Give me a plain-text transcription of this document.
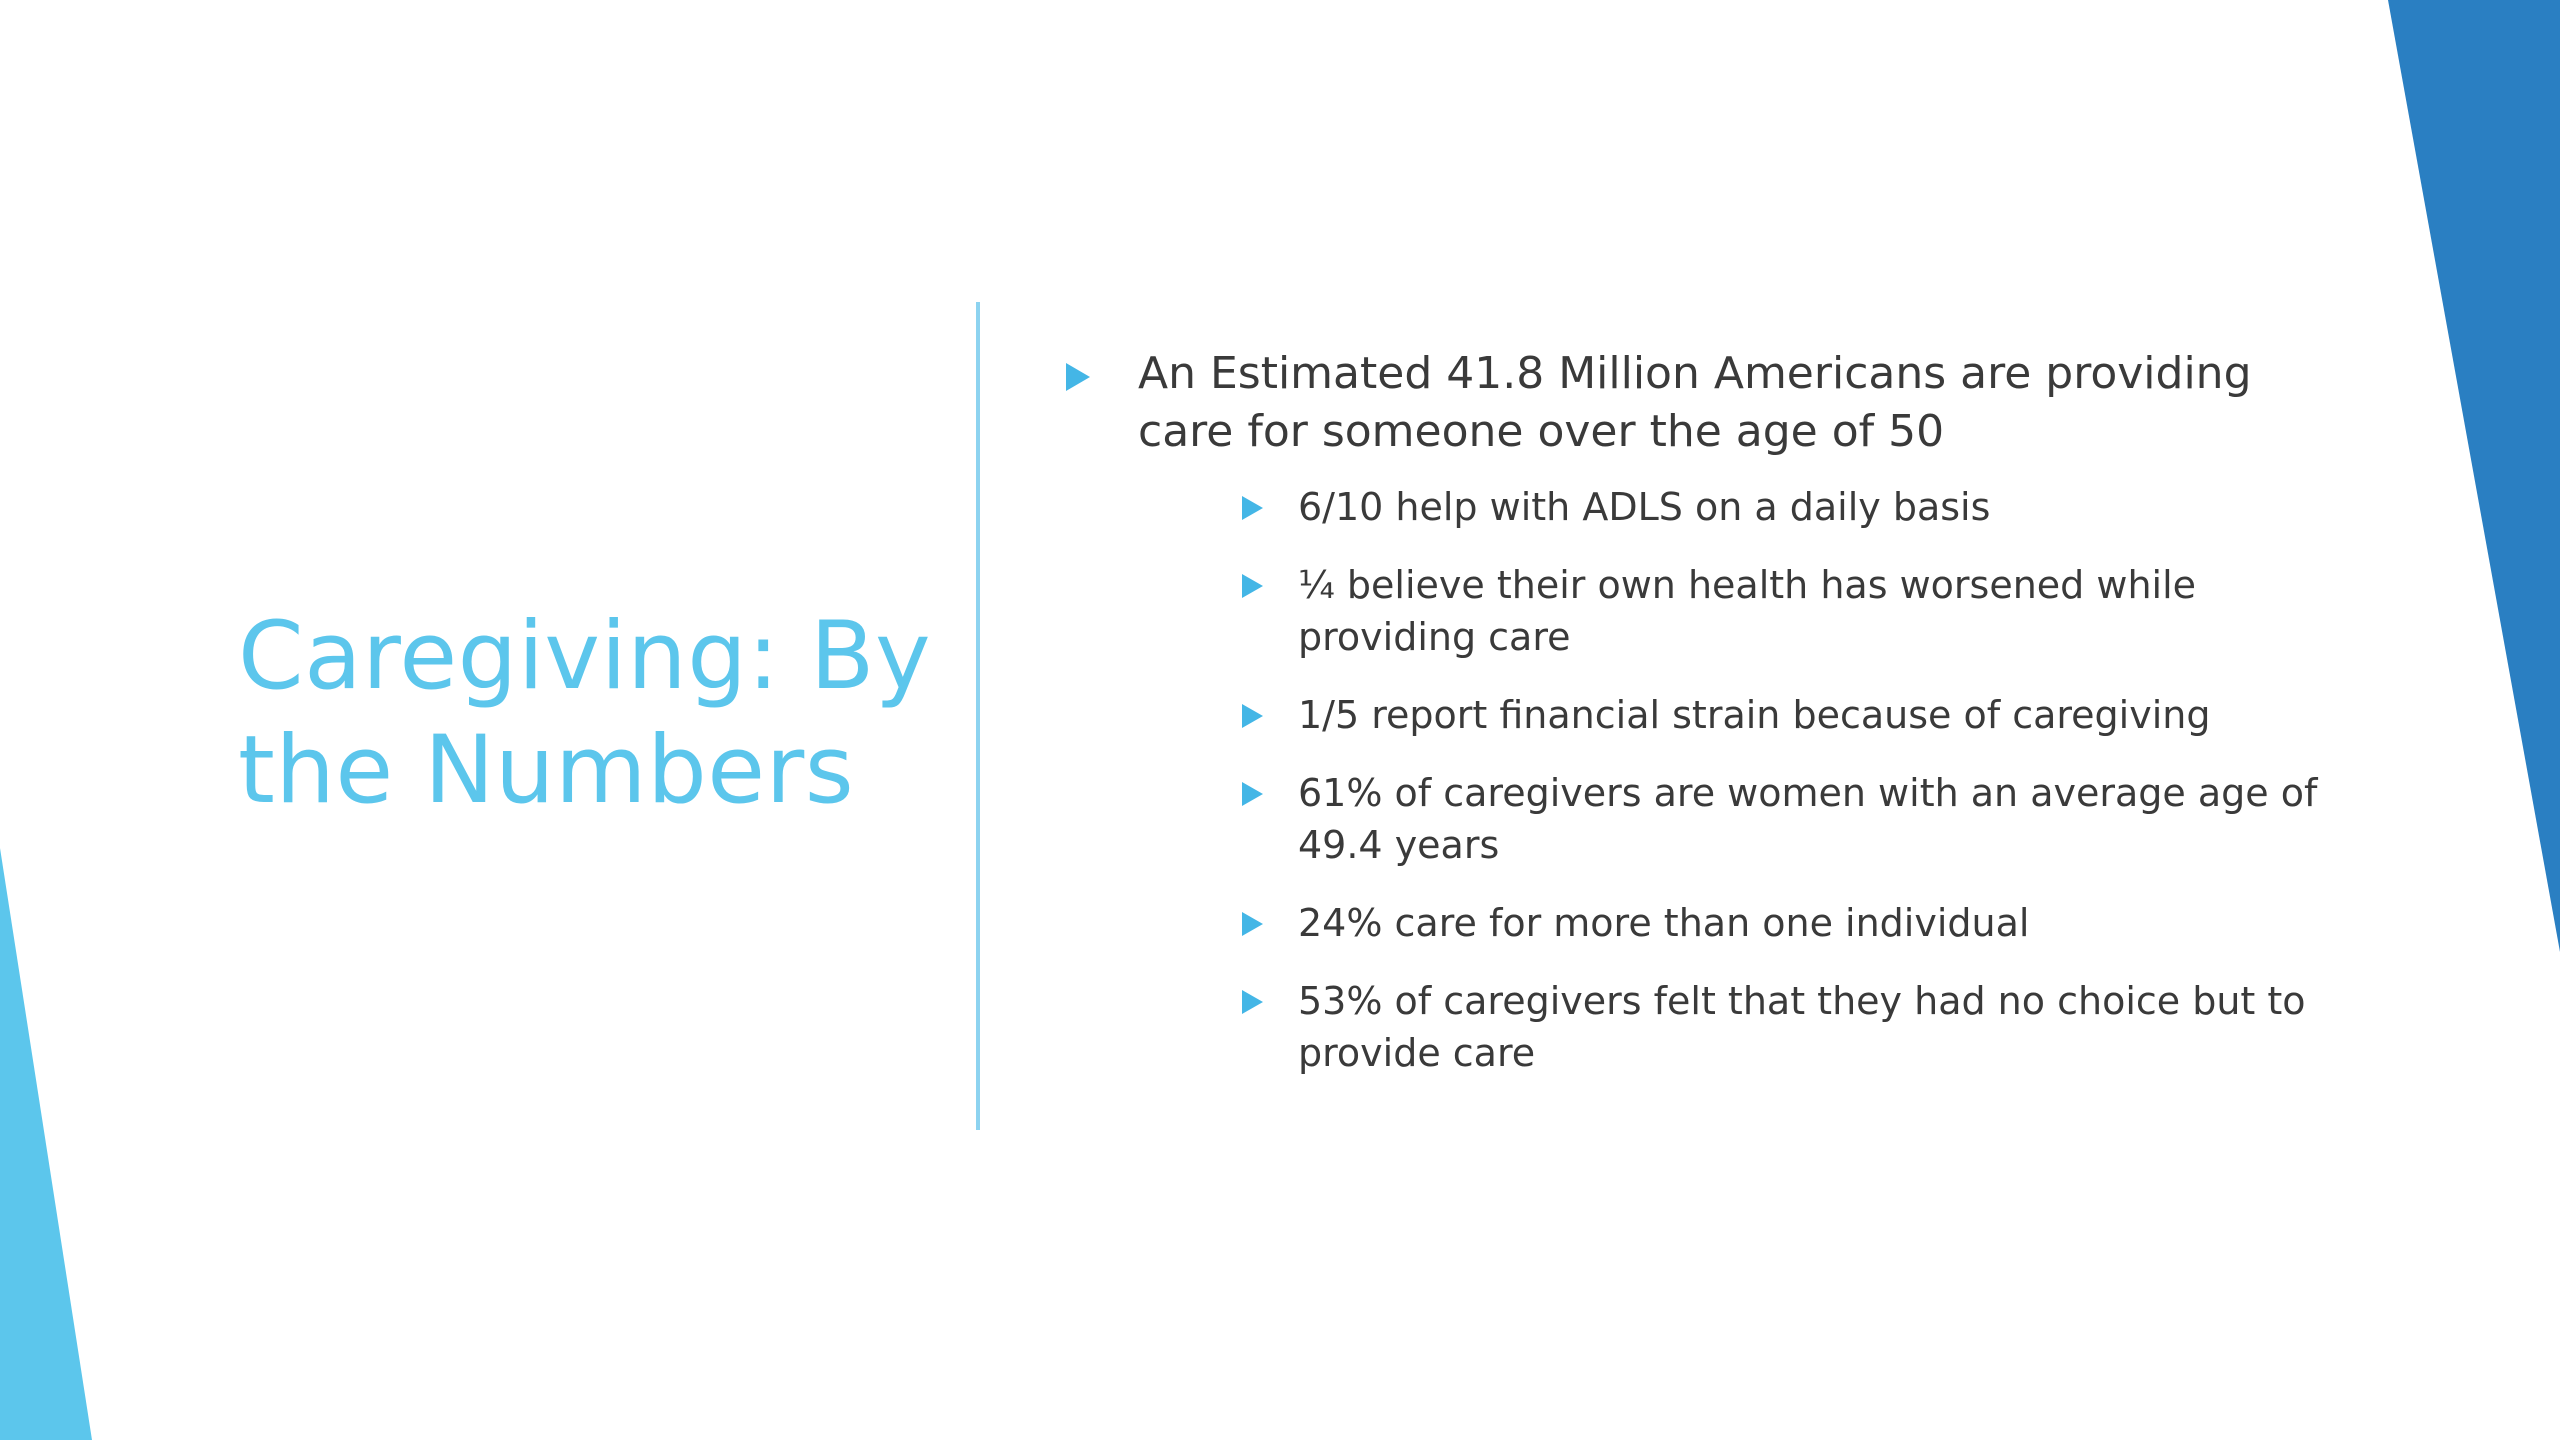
Caregiving: By the Numbers
An Estimated 41.8 Million Americans are providing care for someone over the age of 50
6/10 help with ADLS on a daily basis
¼ believe their own health has worsened while providing care
1/5 report financial strain because of caregiving
61% of caregivers are women with an average age of 49.4 years
24% care for more than one individual
53% of caregivers felt that they had no choice but to provide care
